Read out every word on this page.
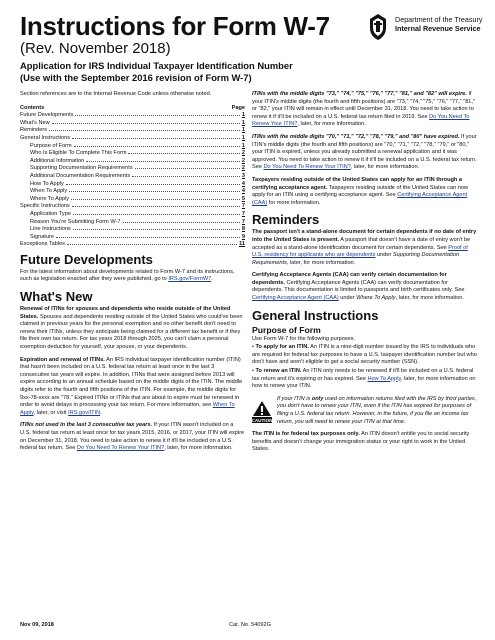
Instructions for Form W-7
(Rev. November 2018)
Application for IRS Individual Taxpayer Identification Number
(Use with the September 2016 revision of Form W-7)
Department of the Treasury
Internal Revenue Service

Section references are to the Internal Revenue Code unless otherwise noted.

Contents	Page
Future Developments	1
What's New	1
Reminders	1
General Instructions	1
Purpose of Form	1
Who Is Eligible To Complete This Form	2
Additional Information	2
Supporting Documentation Requirements	2
Additional Documentation Requirements	3
How To Apply	4
When To Apply	4
Where To Apply	5
Specific Instructions	7
Application Type	7
Reason You're Submitting Form W-7	7
Line Instructions	8
Signature	9
Exceptions Tables	11
Future Developments

For the latest information about developments related to Form W-7 and its instructions, such as legislation enacted after they were published, go to IRS.gov/FormW7.

What's New

Renewal of ITINs for spouses and dependents who reside outside of the United States. Spouses and dependents residing outside of the United States who could've been claimed in previous years for the personal exemption and no other benefit don't need to renew their ITINs, unless they anticipate being claimed for a different tax benefit or if they file their own tax return. For tax years 2018 through 2025, you can't claim a personal exemption deduction for yourself, your spouse, or your dependents.

Expiration and renewal of ITINs. An IRS individual taxpayer identification number (ITIN) that hasn't been included on a U.S. federal tax return at least once in the last 3 consecutive tax years will expire. In addition, ITINs that were assigned before 2013 will expire according to an annual schedule based on the middle digits of the ITIN. The middle digits refer to the fourth and fifth positions of the ITIN. For example, the middle digits for 9xx-78-xxxx are "78." Expired ITINs or ITINs that are about to expire must be renewed in order to avoid delays in processing your tax return. For more information, see When To Apply, later, or visit IRS.gov/ITIN.

ITINs not used in the last 3 consecutive tax years. If your ITIN wasn't included on a U.S. federal tax return at least once for tax years 2015, 2016, or 2017, your ITIN will expire on December 31, 2018. You need to take action to renew it if it'll be included on a U.S. federal tax return. See Do You Need To Renew Your ITIN?, later, for more information.

ITINs with the middle digits "73," "74," "75," "76," "77," "81," and "82" will expire. If your ITIN's middle digits (the fourth and fifth positions) are "73," "74," "75," "76," "77," "81," or "82," your ITIN will remain in effect until December 31, 2018. You need to take action to renew it if it'll be included on a U.S. federal tax return filed in 2019. See Do You Need To Renew Your ITIN?, later, for more information.

ITINs with the middle digits "70," "71," "72," "78," "79," and "80" have expired. If your ITIN's middle digits (the fourth and fifth positions) are "70," "71," "72," "78," "79," or "80," your ITIN is expired, unless you already submitted a renewal application and it was approved. You need to take action to renew it if it'll be included on a U.S. federal tax return. See Do You Need To Renew Your ITIN?, later, for more information.

Taxpayers residing outside of the United States can apply for an ITIN through a certifying acceptance agent. Taxpayers residing outside of the United States can now apply for an ITIN using a certifying acceptance agent. See Certifying Acceptance Agent (CAA) for more information.

Reminders

The passport isn't a stand-alone document for certain dependents if no date of entry into the United States is present. A passport that doesn't have a date of entry won't be accepted as a stand-alone identification document for certain dependents. See Proof of U.S. residency for applicants who are dependents under Supporting Documentation Requirements, later, for more information.

Certifying Acceptance Agents (CAA) can verify certain documentation for dependents. Certifying Acceptance Agents (CAA) can verify documentation for dependents. This documentation is limited to passports and birth certificates only. See Certifying Acceptance Agent (CAA) under Where To Apply, later, for more information.

General Instructions
Purpose of Form

Use Form W-7 for the following purposes.

• To apply for an ITIN. An ITIN is a nine-digit number issued by the IRS to individuals who are required for federal tax purposes to have a U.S. taxpayer identification number but who don't have and aren't eligible to get a social security number (SSN).

• To renew an ITIN. An ITIN only needs to be renewed if it'll be included on a U.S. federal tax return and it's expiring or has expired. See How To Apply, later, for more information on how to renew your ITIN.

CAUTION
If your ITIN is only used on information returns filed with the IRS by third parties, you don't have to renew your ITIN, even if the ITIN has expired for purposes of filing a U.S. federal tax return. However, in the future, if you file an income tax return, you will need to renew your ITIN at that time.

The ITIN is for federal tax purposes only. An ITIN doesn't entitle you to social security benefits and doesn't change your immigration status or your right to work in the United States.

Nov 09, 2018	Cat. No. 54092G
